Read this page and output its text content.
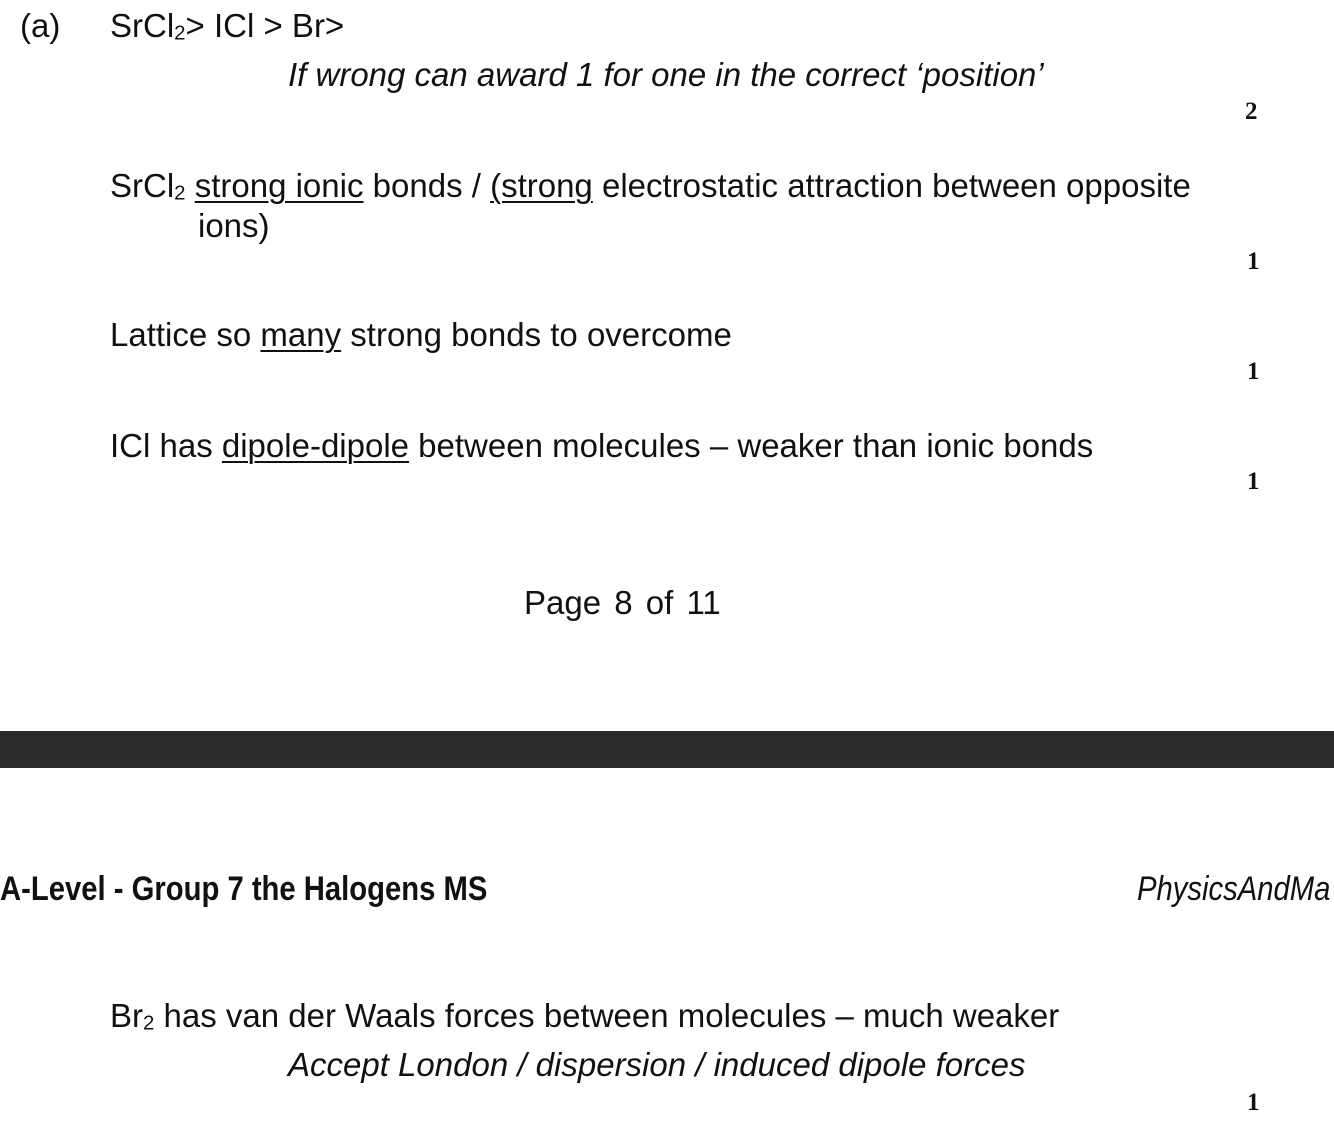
(a) SrCl2> ICl > Br>
If wrong can award 1 for one in the correct ‘position’
2
SrCl2 strong ionic bonds / (strong electrostatic attraction between opposite
ions)
1
Lattice so many strong bonds to overcome
1
ICl has dipole-dipole between molecules – weaker than ionic bonds
1
Page 8 of 11
A-Level - Group 7 the Halogens MS	PhysicsAndMa
Br2 has van der Waals forces between molecules – much weaker
Accept London / dispersion / induced dipole forces
1
